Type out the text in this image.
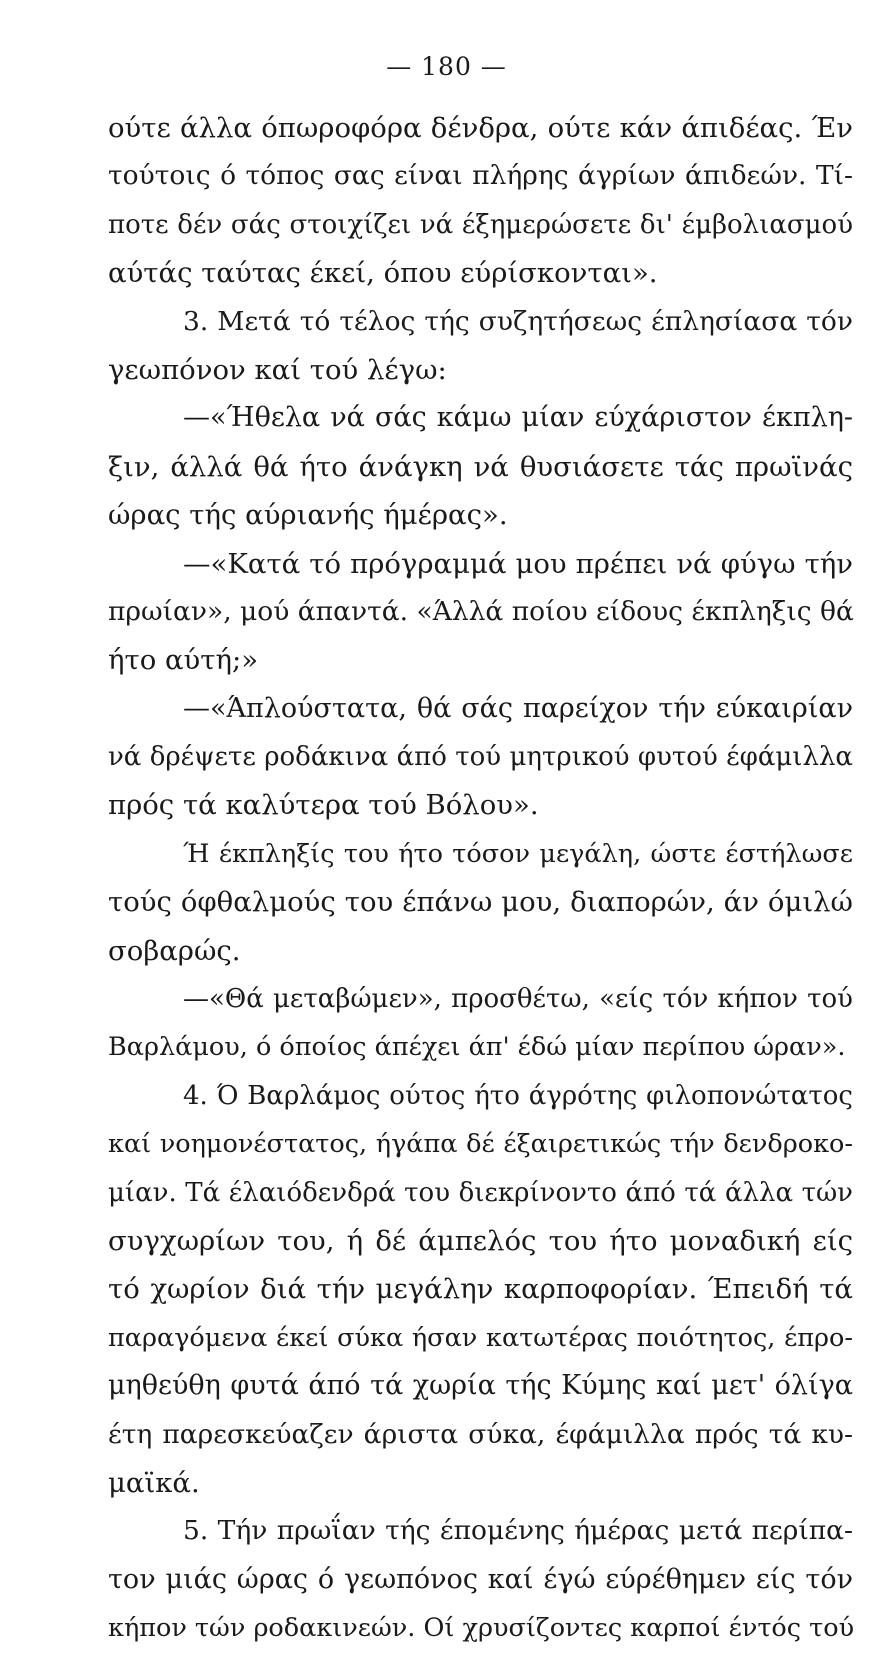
— 180 —
ούτε άλλα όπωροφόρα δένδρα, ούτε κάν άπιδέας. Έν
τούτοις ό τόπος σας είναι πλήρης άγρίων άπιδεών. Τί-
ποτε δέν σάς στοιχίζει νά έξημερώσετε δι' έμβολιασμού
αύτάς ταύτας έκεί, όπου εύρίσκονται».
3. Μετά τό τέλος τής συζητήσεως έπλησίασα τόν
γεωπόνον καί τού λέγω:
—«Ήθελα νά σάς κάμω μίαν εύχάριστον έκπλη-
ξιν, άλλά θά ήτο άνάγκη νά θυσιάσετε τάς πρωϊνάς
ώρας τής αύριανής ήμέρας».
—«Κατά τό πρόγραμμά μου πρέπει νά φύγω τήν
πρωίαν», μού άπαντά. «Άλλά ποίου είδους έκπληξις θά
ήτο αύτή;»
—«Άπλούστατα, θά σάς παρείχον τήν εύκαιρίαν
νά δρέψετε ροδάκινα άπό τού μητρικού φυτού έφάμιλλα
πρός τά καλύτερα τού Βόλου».
Ή έκπληξίς του ήτο τόσον μεγάλη, ώστε έστήλωσε
τούς όφθαλμούς του έπάνω μου, διαπορών, άν όμιλώ
σοβαρώς.
—«Θά μεταβώμεν», προσθέτω, «είς τόν κήπον τού
Βαρλάμου, ό όποίος άπέχει άπ' έδώ μίαν περίπου ώραν».
4. Ό Βαρλάμος ούτος ήτο άγρότης φιλοπονώτατος
καί νοημονέστατος, ήγάπα δέ έξαιρετικώς τήν δενδροκο-
μίαν. Τά έλαιόδενδρά του διεκρίνοντο άπό τά άλλα τών
συγχωρίων του, ή δέ άμπελός του ήτο μοναδική είς
τό χωρίον διά τήν μεγάλην καρποφορίαν. Έπειδή τά
παραγόμενα έκεί σύκα ήσαν κατωτέρας ποιότητος, έπρο-
μηθεύθη φυτά άπό τά χωρία τής Κύμης καί μετ' όλίγα
έτη παρεσκεύαζεν άριστα σύκα, έφάμιλλα πρός τά κυ-
μαϊκά.
5. Τήν πρωΐαν τής έπομένης ήμέρας μετά περίπα-
τον μιάς ώρας ό γεωπόνος καί έγώ εύρέθημεν είς τόν
κήπον τών ροδακινεών. Οί χρυσίζοντες καρποί έντός τού
